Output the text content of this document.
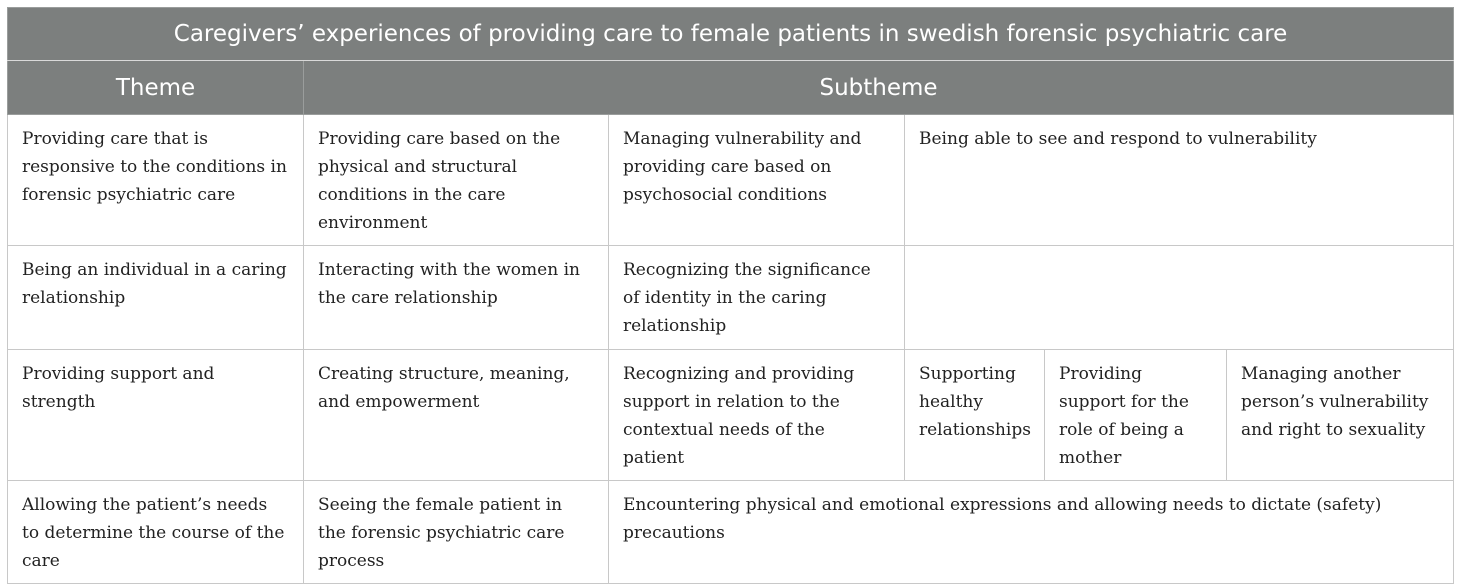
Caregivers’ experiences of providing care to female patients in swedish forensic psychiatric care					
Theme	Subtheme				
Providing care that is responsive to the conditions in forensic psychiatric care	Providing care based on the physical and structural conditions in the care environment	Managing vulnerability and providing care based on psychosocial conditions	Being able to see and respond to vulnerability		
Being an individual in a caring relationship	Interacting with the women in the care relationship	Recognizing the significance of identity in the caring relationship			
Providing support and strength	Creating structure, meaning, and empowerment	Recognizing and providing support in relation to the contextual needs of the patient	Supporting healthy relationships	Providing support for the role of being a mother	Managing another person’s vulnerability and right to sexuality
Allowing the patient’s needs to determine the course of the care	Seeing the female patient in the forensic psychiatric care process	Encountering physical and emotional expressions and allowing needs to dictate (safety) precautions			
